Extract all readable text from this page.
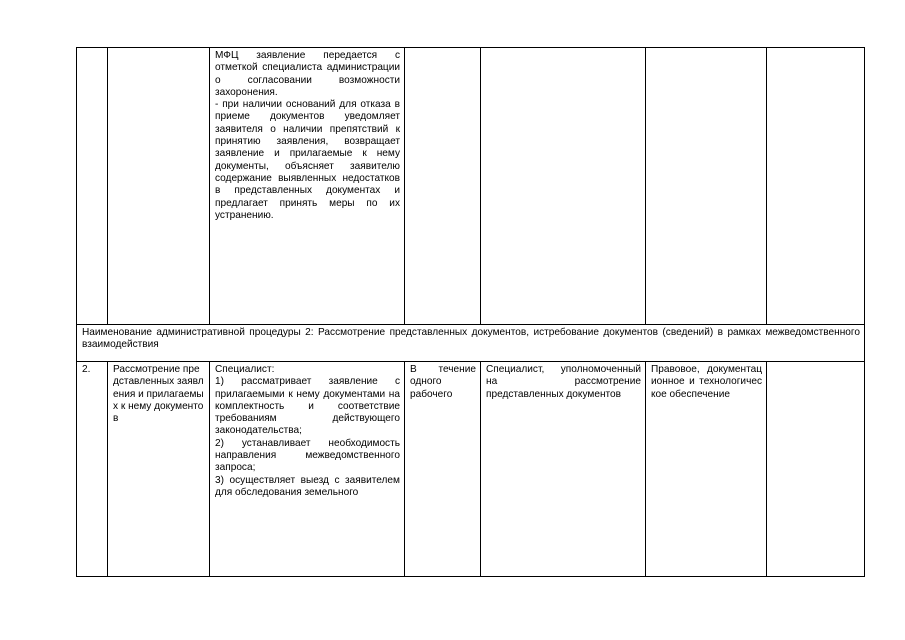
		МФЦ заявление передается с отметкой специалиста администрации о согласовании возможности захоронения.
- при наличии оснований для отказа в приеме документов уведомляет заявителя о наличии препятствий к принятию заявления, возвращает заявление и прилагаемые к нему документы, объясняет заявителю содержание выявленных недостатков в представленных документах и предлагает принять меры по их устранению.				

Наименование административной процедуры 2: Рассмотрение представленных документов, истребование документов (сведений) в рамках межведомственного взаимодействия						
2.	Рассмотрение представленных заявления и прилагаемых к нему документов	Специалист:
1) рассматривает заявление с прилагаемыми к нему документами на комплектность и соответствие требованиям действующего законодательства;
2) устанавливает необходимость направления межведомственного запроса;
3) осуществляет выезд с заявителем для обследования земельного	В течение одного рабочего	Специалист, уполномоченный на рассмотрение представленных документов	Правовое, документационное и технологическое обеспечение	
